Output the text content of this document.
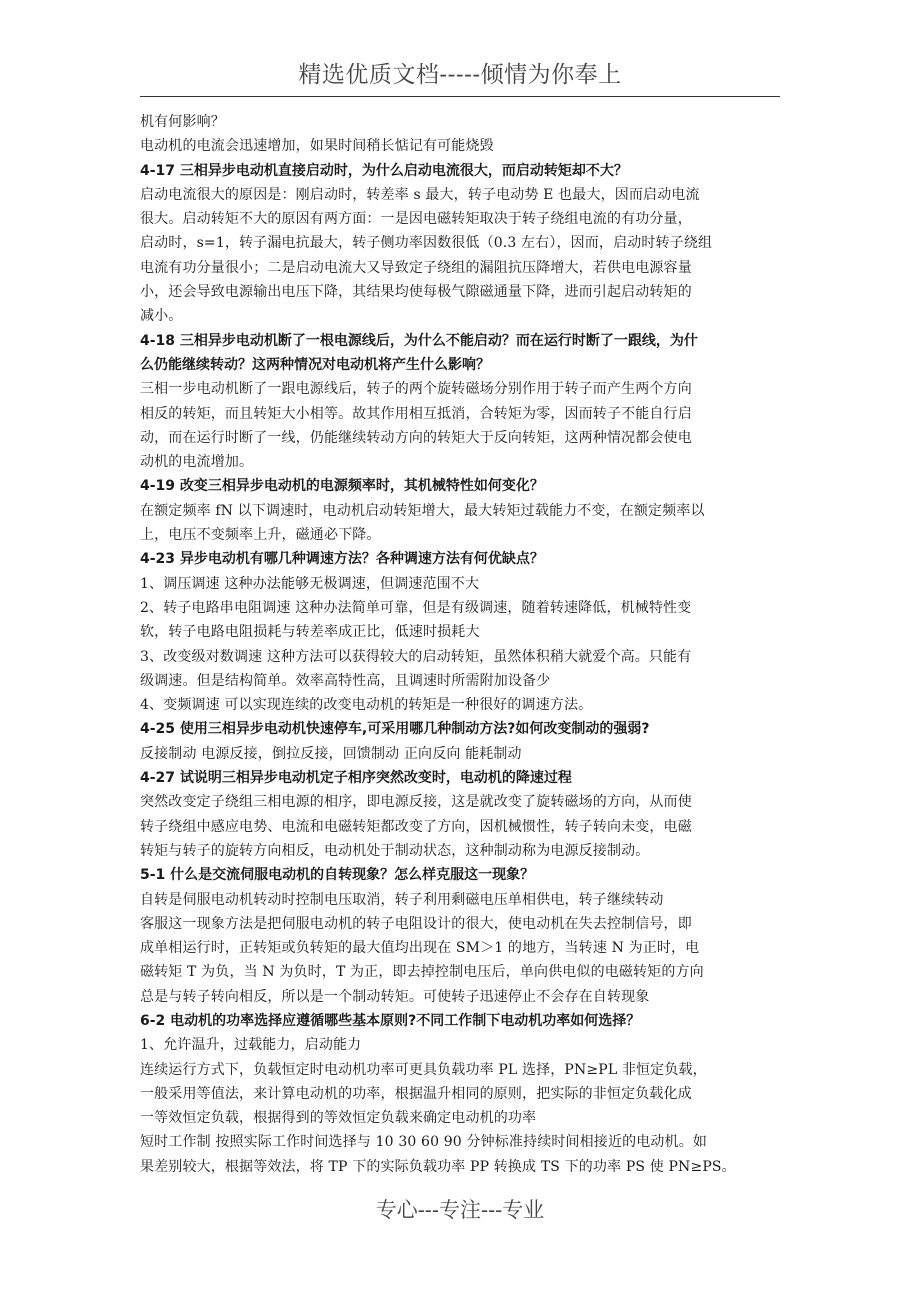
精选优质文档-----倾情为你奉上
机有何影响？
电动机的电流会迅速增加，如果时间稍长惦记有可能烧毁
4-17 三相异步电动机直接启动时，为什么启动电流很大，而启动转矩却不大？
启动电流很大的原因是：刚启动时，转差率 s 最大，转子电动势 E 也最大，因而启动电流
很大。启动转矩不大的原因有两方面：一是因电磁转矩取决于转子绕组电流的有功分量，
启动时，s=1，转子漏电抗最大，转子侧功率因数很低（0.3 左右），因而，启动时转子绕组
电流有功分量很小；二是启动电流大又导致定子绕组的漏阻抗压降增大，若供电电源容量
小，还会导致电源输出电压下降，其结果均使每极气隙磁通量下降，进而引起启动转矩的
减小。
4-18 三相异步电动机断了一根电源线后，为什么不能启动？而在运行时断了一跟线，为什
么仍能继续转动？这两种情况对电动机将产生什么影响？
三相一步电动机断了一跟电源线后，转子的两个旋转磁场分别作用于转子而产生两个方向
相反的转矩，而且转矩大小相等。故其作用相互抵消，合转矩为零，因而转子不能自行启
动，而在运行时断了一线，仍能继续转动方向的转矩大于反向转矩，这两种情况都会使电
动机的电流增加。
4-19 改变三相异步电动机的电源频率时，其机械特性如何变化？
在额定频率 fN 以下调速时，电动机启动转矩增大，最大转矩过载能力不变，在额定频率以
上，电压不变频率上升，磁通必下降。
4-23 异步电动机有哪几种调速方法？各种调速方法有何优缺点？
1、调压调速 这种办法能够无极调速，但调速范围不大
2、转子电路串电阻调速 这种办法简单可靠，但是有级调速，随着转速降低，机械特性变
软，转子电路电阻损耗与转差率成正比，低速时损耗大
3、改变级对数调速 这种方法可以获得较大的启动转矩，虽然体积稍大就爱个高。只能有
级调速。但是结构简单。效率高特性高，且调速时所需附加设备少
4、变频调速 可以实现连续的改变电动机的转矩是一种很好的调速方法。
4-25 使用三相异步电动机快速停车,可采用哪几种制动方法?如何改变制动的强弱?
反接制动 电源反接，倒拉反接，回馈制动 正向反向 能耗制动
4-27 试说明三相异步电动机定子相序突然改变时，电动机的降速过程
突然改变定子绕组三相电源的相序，即电源反接，这是就改变了旋转磁场的方向，从而使
转子绕组中感应电势、电流和电磁转矩都改变了方向，因机械惯性，转子转向未变，电磁
转矩与转子的旋转方向相反，电动机处于制动状态，这种制动称为电源反接制动。
5-1 什么是交流伺服电动机的自转现象？怎么样克服这一现象？
自转是伺服电动机转动时控制电压取消，转子利用剩磁电压单相供电，转子继续转动
客服这一现象方法是把伺服电动机的转子电阻设计的很大，使电动机在失去控制信号，即
成单相运行时，正转矩或负转矩的最大值均出现在 SM＞1 的地方，当转速 N 为正时，电
磁转矩 T 为负，当 N 为负时，T 为正，即去掉控制电压后，单向供电似的电磁转矩的方向
总是与转子转向相反，所以是一个制动转矩。可使转子迅速停止不会存在自转现象
6-2 电动机的功率选择应遵循哪些基本原则?不同工作制下电动机功率如何选择？
1、允许温升，过载能力，启动能力
连续运行方式下，负载恒定时电动机功率可更具负载功率 PL 选择，PN≥PL 非恒定负载，
一般采用等值法，来计算电动机的功率，根据温升相同的原则，把实际的非恒定负载化成
一等效恒定负载，根据得到的等效恒定负载来确定电动机的功率
短时工作制 按照实际工作时间选择与 10 30 60 90 分钟标准持续时间相接近的电动机。如
果差别较大，根据等效法，将 TP 下的实际负载功率 PP 转换成 TS 下的功率 PS 使 PN≥PS。
专心---专注---专业
